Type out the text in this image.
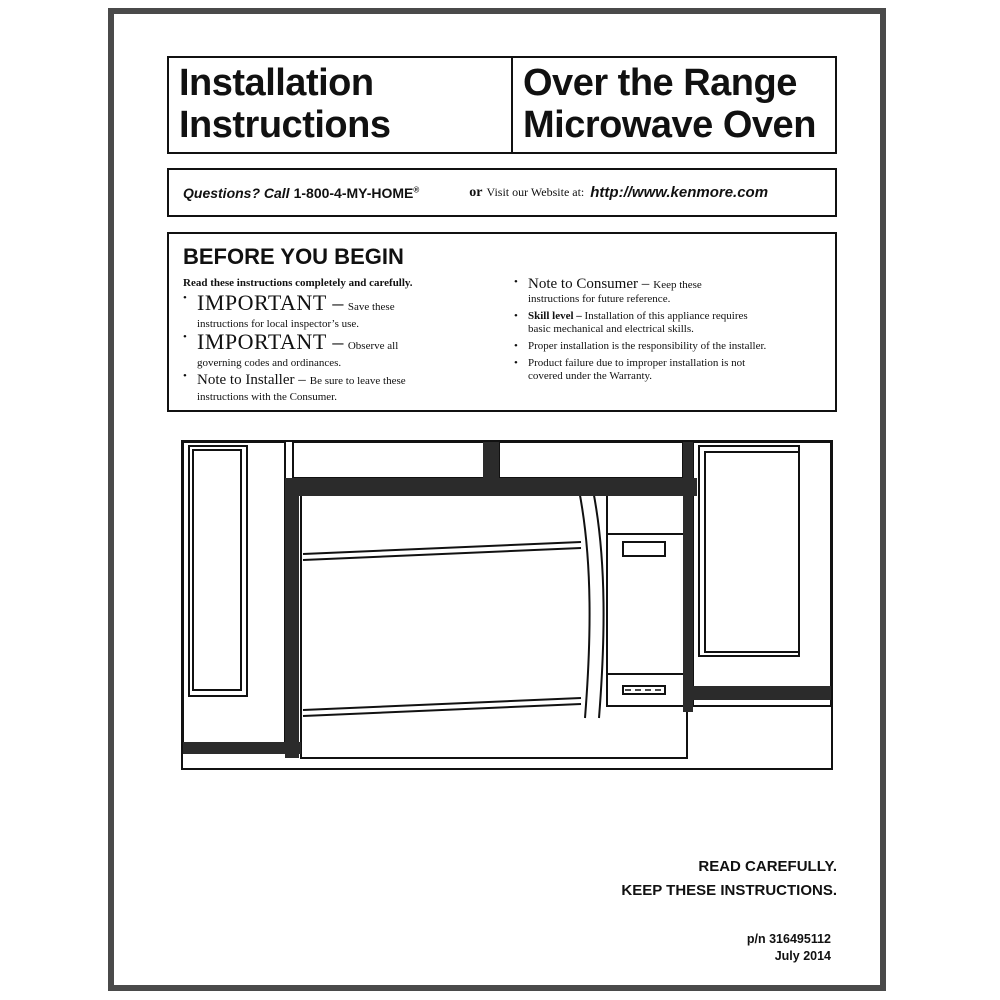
Installation
Instructions
Over the Range
Microwave Oven
Questions? Call 1-800-4-MY-HOME®	or Visit our Website at: http://www.kenmore.com
BEFORE YOU BEGIN
Read these instructions completely and carefully.
• IMPORTANT – Save these
instructions for local inspector’s use.
• IMPORTANT – Observe all
governing codes and ordinances.
• Note to Installer – Be sure to leave these
instructions with the Consumer.
• Note to Consumer – Keep these
instructions for future reference.
• Skill level – Installation of this appliance requires
basic mechanical and electrical skills.
• Proper installation is the responsibility of the installer.
• Product failure due to improper installation is not
covered under the Warranty.
READ CAREFULLY.
KEEP THESE INSTRUCTIONS.
p/n 316495112
July 2014
